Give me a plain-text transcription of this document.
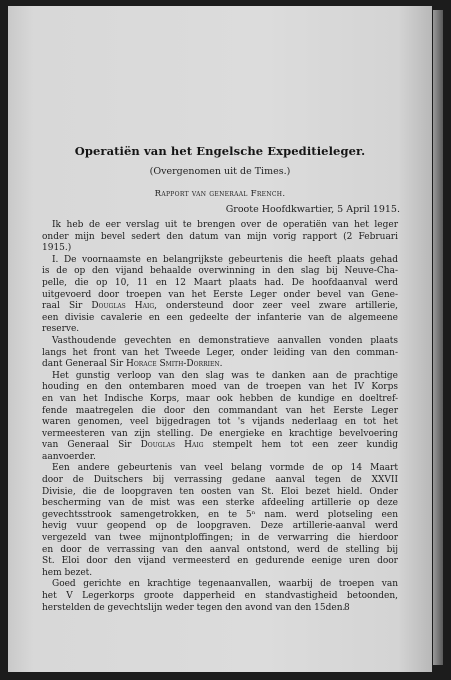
Operatiën van het Engelsche Expeditieleger.
(Overgenomen uit de Times.)
Rapport van generaal French.
Groote Hoofdkwartier, 5 April 1915.
Ik heb de eer verslag uit te brengen over de operatiën van het leger
onder mijn bevel sedert den datum van mijn vorig rapport (2 Februari
1915.)
I. De voornaamste en belangrijkste gebeurtenis die heeft plaats gehad
is de op den vijand behaalde overwinning in den slag bij Neuve-Cha-
pelle, die op 10, 11 en 12 Maart plaats had. De hoofdaanval werd
uitgevoerd door troepen van het Eerste Leger onder bevel van Gene-
raal Sir Douglas Haig, ondersteund door zeer veel zware artillerie,
een divisie cavalerie en een gedeelte der infanterie van de algemeene
reserve.
Vasthoudende gevechten en demonstratieve aanvallen vonden plaats
langs het front van het Tweede Leger, onder leiding van den comman-
dant Generaal Sir Horace Smith-Dorrien.
Het gunstig verloop van den slag was te danken aan de prachtige
houding en den ontembaren moed van de troepen van het IV Korps
en van het Indische Korps, maar ook hebben de kundige en doeltref-
fende maatregelen die door den commandant van het Eerste Leger
waren genomen, veel bijgedragen tot 's vijands nederlaag en tot het
vermeesteren van zijn stelling. De energieke en krachtige bevelvoering
van Generaal Sir Douglas Haig stempelt hem tot een zeer kundig
aanvoerder.
Een andere gebeurtenis van veel belang vormde de op 14 Maart
door de Duitschers bij verrassing gedane aanval tegen de XXVII
Divisie, die de loopgraven ten oosten van St. Eloi bezet hield. Onder
bescherming van de mist was een sterke afdeeling artillerie op deze
gevechtsstrook samengetrokken, en te 5ⁿ nam. werd plotseling een
hevig vuur geopend op de loopgraven. Deze artillerie-aanval werd
vergezeld van twee mijnontploffingen; in de verwarring die hierdoor
en door de verrassing van den aanval ontstond, werd de stelling bij
St. Eloi door den vijand vermeesterd en gedurende eenige uren door
hem bezet.
Goed gerichte en krachtige tegenaanvallen, waarbij de troepen van
het V Legerkorps groote dapperheid en standvastigheid betoonden,
herstelden de gevechtslijn weder tegen den avond van den 15den.
8
